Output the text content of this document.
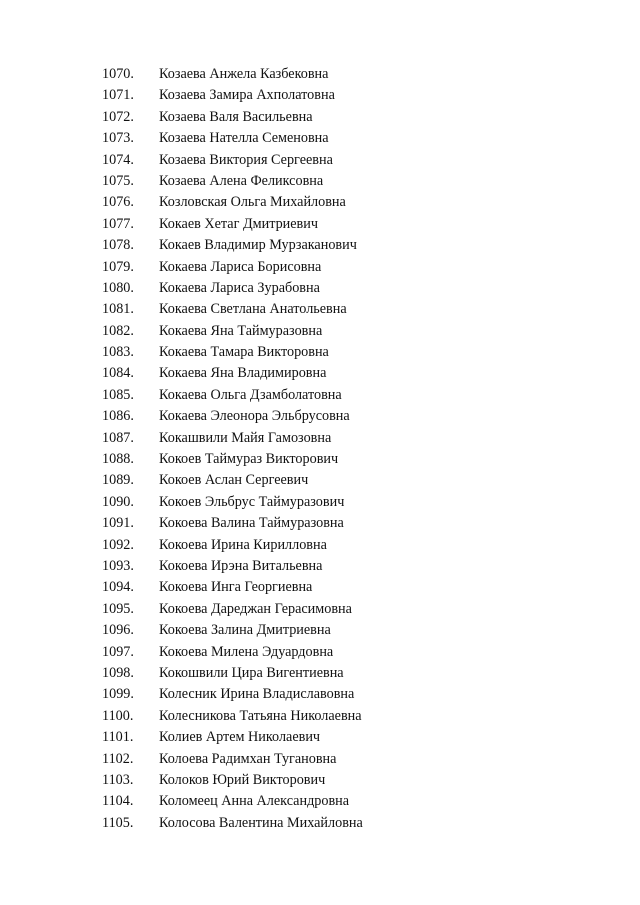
1070.	Козаева Анжела Казбековна
1071.	Козаева Замира Ахполатовна
1072.	Козаева Валя Васильевна
1073.	Козаева Нателла Семеновна
1074.	Козаева Виктория Сергеевна
1075.	Козаева Алена Феликсовна
1076.	Козловская Ольга Михайловна
1077.	Кокаев Хетаг Дмитриевич
1078.	Кокаев Владимир Мурзаканович
1079.	Кокаева Лариса Борисовна
1080.	Кокаева Лариса Зурабовна
1081.	Кокаева Светлана Анатольевна
1082.	Кокаева Яна Таймуразовна
1083.	Кокаева Тамара Викторовна
1084.	Кокаева Яна Владимировна
1085.	Кокаева Ольга Дзамболатовна
1086.	Кокаева Элеонора Эльбрусовна
1087.	Кокашвили Майя Гамозовна
1088.	Кокоев Таймураз Викторович
1089.	Кокоев Аслан Сергеевич
1090.	Кокоев Эльбрус Таймуразович
1091.	Кокоева Валина Таймуразовна
1092.	Кокоева Ирина Кирилловна
1093.	Кокоева Ирэна Витальевна
1094.	Кокоева Инга Георгиевна
1095.	Кокоева Дареджан Герасимовна
1096.	Кокоева Залина Дмитриевна
1097.	Кокоева Милена Эдуардовна
1098.	Кокошвили Цира Вигентиевна
1099.	Колесник Ирина Владиславовна
1100.	Колесникова Татьяна Николаевна
1101.	Колиев Артем Николаевич
1102.	Колоева Радимхан Тугановна
1103.	Колоков Юрий Викторович
1104.	Коломеец Анна Александровна
1105.	Колосова Валентина Михайловна
